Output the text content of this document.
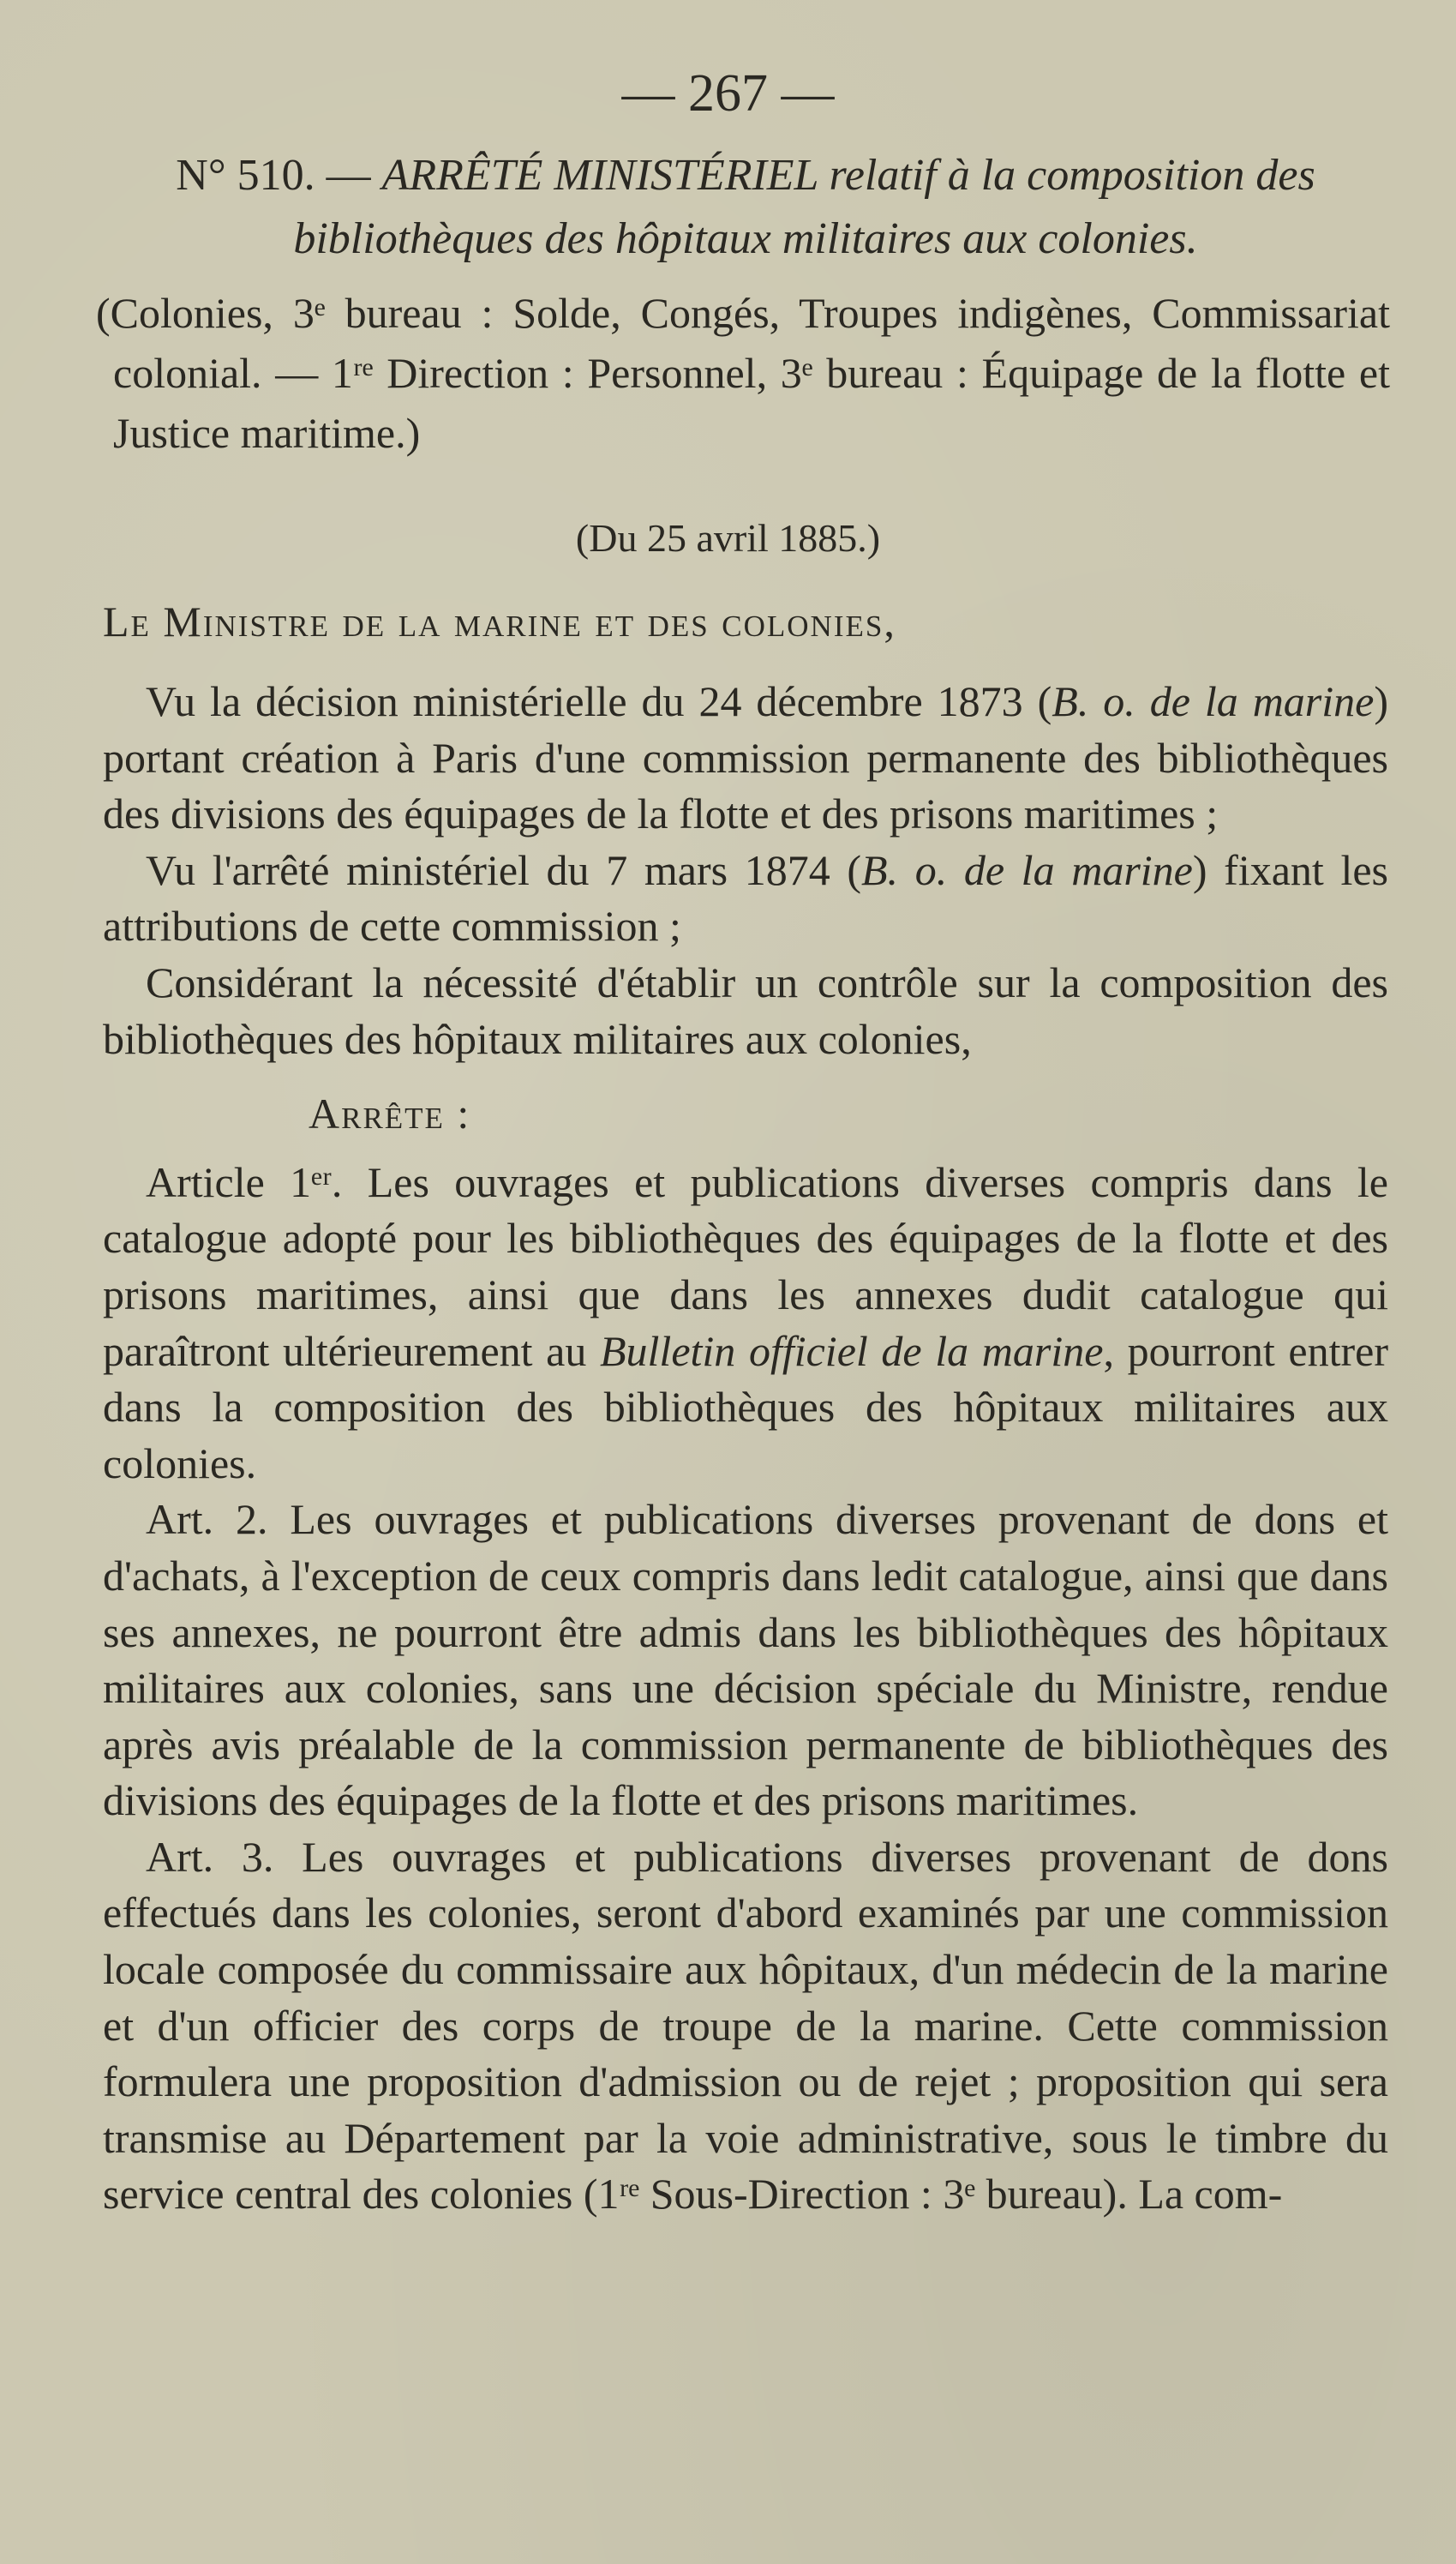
— 267 —
N° 510. — ARRÊTÉ MINISTÉRIEL relatif à la composition des bibliothèques des hôpitaux militaires aux colonies.
(Colonies, 3ᵉ bureau : Solde, Congés, Troupes indigènes, Commissariat colonial. — 1ʳᵉ Direction : Personnel, 3ᵉ bureau : Équipage de la flotte et Justice maritime.)
(Du 25 avril 1885.)
Le Ministre de la marine et des colonies,

Vu la décision ministérielle du 24 décembre 1873 (B. o. de la marine) portant création à Paris d'une commission permanente des bibliothèques des divisions des équipages de la flotte et des prisons maritimes ;

Vu l'arrêté ministériel du 7 mars 1874 (B. o. de la marine) fixant les attributions de cette commission ;

Considérant la nécessité d'établir un contrôle sur la composition des bibliothèques des hôpitaux militaires aux colonies,

Arrête :

Article 1ᵉʳ. Les ouvrages et publications diverses compris dans le catalogue adopté pour les bibliothèques des équipages de la flotte et des prisons maritimes, ainsi que dans les annexes dudit catalogue qui paraîtront ultérieurement au Bulletin officiel de la marine, pourront entrer dans la composition des bibliothèques des hôpitaux militaires aux colonies.

Art. 2. Les ouvrages et publications diverses provenant de dons et d'achats, à l'exception de ceux compris dans ledit catalogue, ainsi que dans ses annexes, ne pourront être admis dans les bibliothèques des hôpitaux militaires aux colonies, sans une décision spéciale du Ministre, rendue après avis préalable de la commission permanente de bibliothèques des divisions des équipages de la flotte et des prisons maritimes.

Art. 3. Les ouvrages et publications diverses provenant de dons effectués dans les colonies, seront d'abord examinés par une commission locale composée du commissaire aux hôpitaux, d'un médecin de la marine et d'un officier des corps de troupe de la marine. Cette commission formulera une proposition d'admission ou de rejet ; proposition qui sera transmise au Département par la voie administrative, sous le timbre du service central des colonies (1ʳᵉ Sous-Direction : 3ᵉ bureau). La com-
